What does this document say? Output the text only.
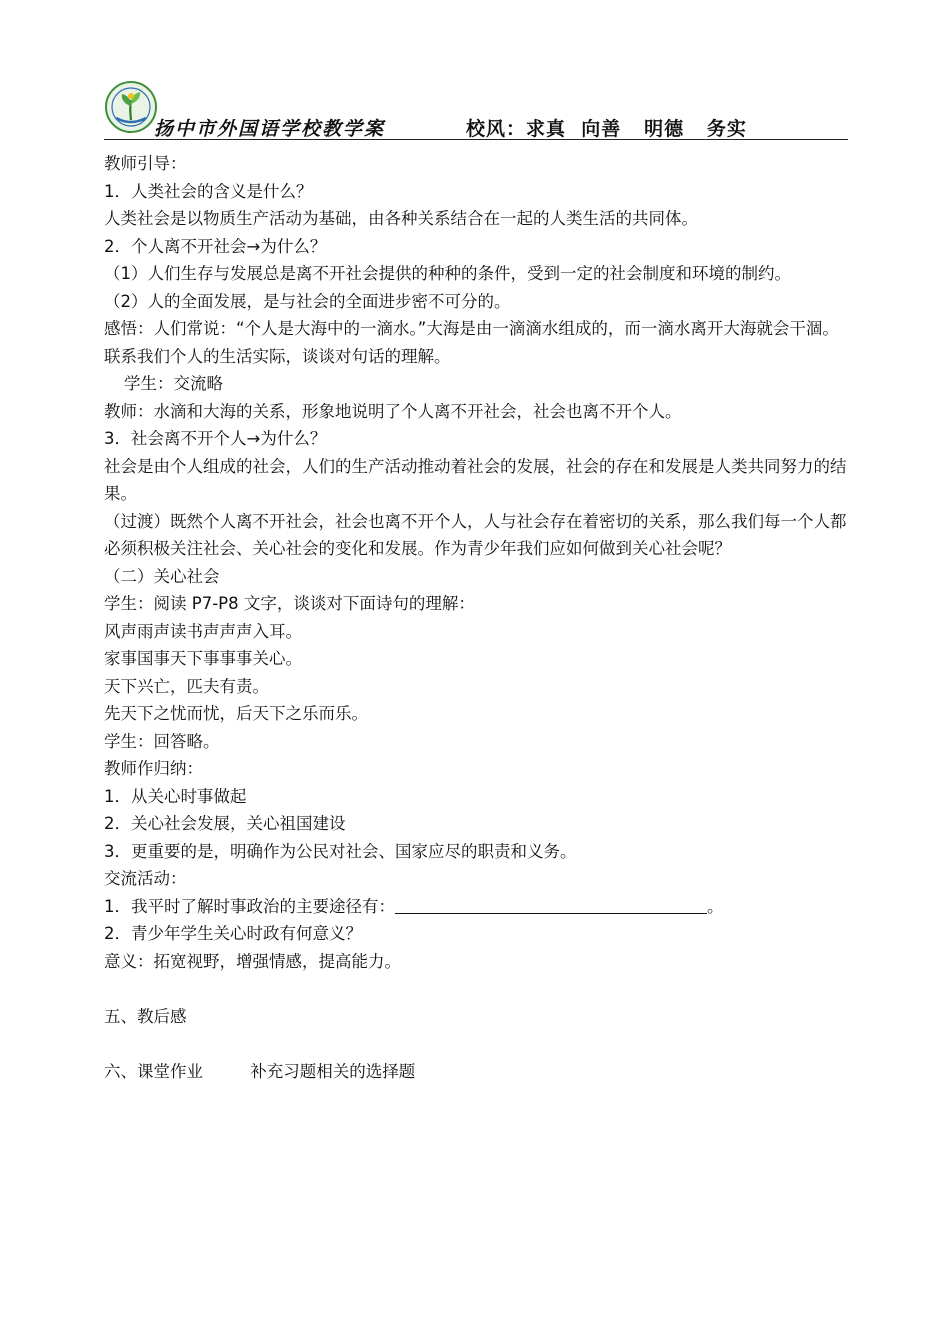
扬中市外国语学校教学案	校风：求真  向善   明德   务实

教师引导：

1．人类社会的含义是什么？

人类社会是以物质生产活动为基础，由各种关系结合在一起的人类生活的共同体。

2．个人离不开社会→为什么？

（1）人们生存与发展总是离不开社会提供的种种的条件，受到一定的社会制度和环境的制约。

（2）人的全面发展，是与社会的全面进步密不可分的。

感悟：人们常说：“个人是大海中的一滴水。”大海是由一滴滴水组成的，而一滴水离开大海就会干涸。联系我们个人的生活实际，谈谈对句话的理解。

学生：交流略

教师：水滴和大海的关系，形象地说明了个人离不开社会，社会也离不开个人。

3．社会离不开个人→为什么？

社会是由个人组成的社会，人们的生产活动推动着社会的发展，社会的存在和发展是人类共同努力的结果。

（过渡）既然个人离不开社会，社会也离不开个人，人与社会存在着密切的关系，那么我们每一个人都必须积极关注社会、关心社会的变化和发展。作为青少年我们应如何做到关心社会呢？

（二）关心社会

学生：阅读 P7-P8 文字，谈谈对下面诗句的理解：

风声雨声读书声声声入耳。

家事国事天下事事事关心。

天下兴亡，匹夫有责。

先天下之忧而忧，后天下之乐而乐。

学生：回答略。

教师作归纳：

1．从关心时事做起

2．关心社会发展，关心祖国建设

3．更重要的是，明确作为公民对社会、国家应尽的职责和义务。

交流活动：

1．我平时了解时事政治的主要途径有：	。

2．青少年学生关心时政有何意义？

意义：拓宽视野，增强情感，提高能力。

五、教后感

六、课堂作业         补充习题相关的选择题
